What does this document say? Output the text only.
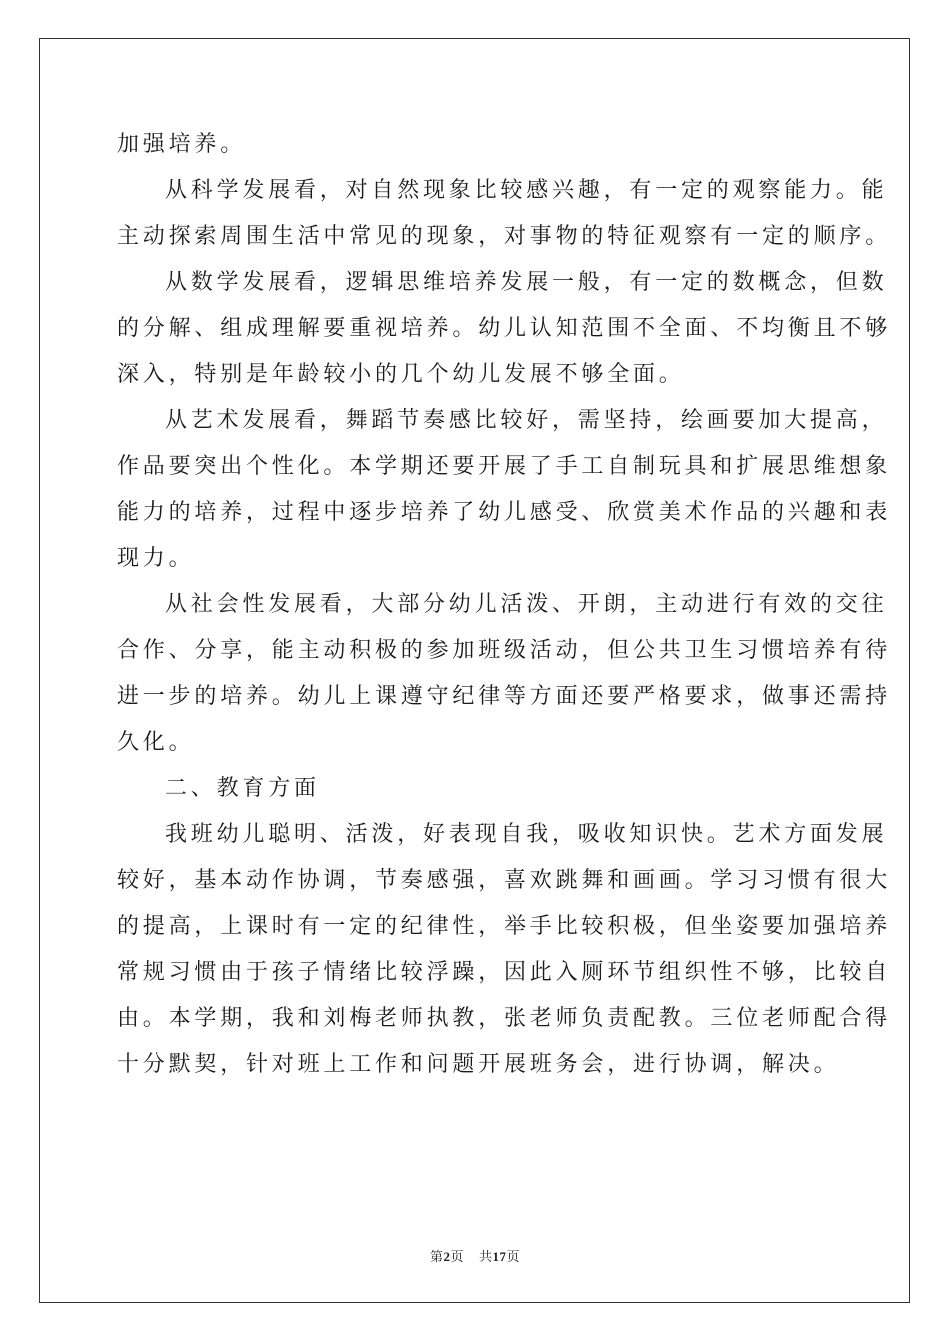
加强培养。
从科学发展看，对自然现象比较感兴趣，有一定的观察能力。能
主动探索周围生活中常见的现象，对事物的特征观察有一定的顺序。
从数学发展看，逻辑思维培养发展一般，有一定的数概念，但数
的分解、组成理解要重视培养。幼儿认知范围不全面、不均衡且不够
深入，特别是年龄较小的几个幼儿发展不够全面。
从艺术发展看，舞蹈节奏感比较好，需坚持，绘画要加大提高，
作品要突出个性化。本学期还要开展了手工自制玩具和扩展思维想象
能力的培养，过程中逐步培养了幼儿感受、欣赏美术作品的兴趣和表
现力。
从社会性发展看，大部分幼儿活泼、开朗，主动进行有效的交往
合作、分享，能主动积极的参加班级活动，但公共卫生习惯培养有待
进一步的培养。幼儿上课遵守纪律等方面还要严格要求，做事还需持
久化。
二、教育方面
我班幼儿聪明、活泼，好表现自我，吸收知识快。艺术方面发展
较好，基本动作协调，节奏感强，喜欢跳舞和画画。学习习惯有很大
的提高，上课时有一定的纪律性，举手比较积极，但坐姿要加强培养
常规习惯由于孩子情绪比较浮躁，因此入厕环节组织性不够，比较自
由。本学期，我和刘梅老师执教，张老师负责配教。三位老师配合得
十分默契，针对班上工作和问题开展班务会，进行协调，解决。
第2页 共17页
